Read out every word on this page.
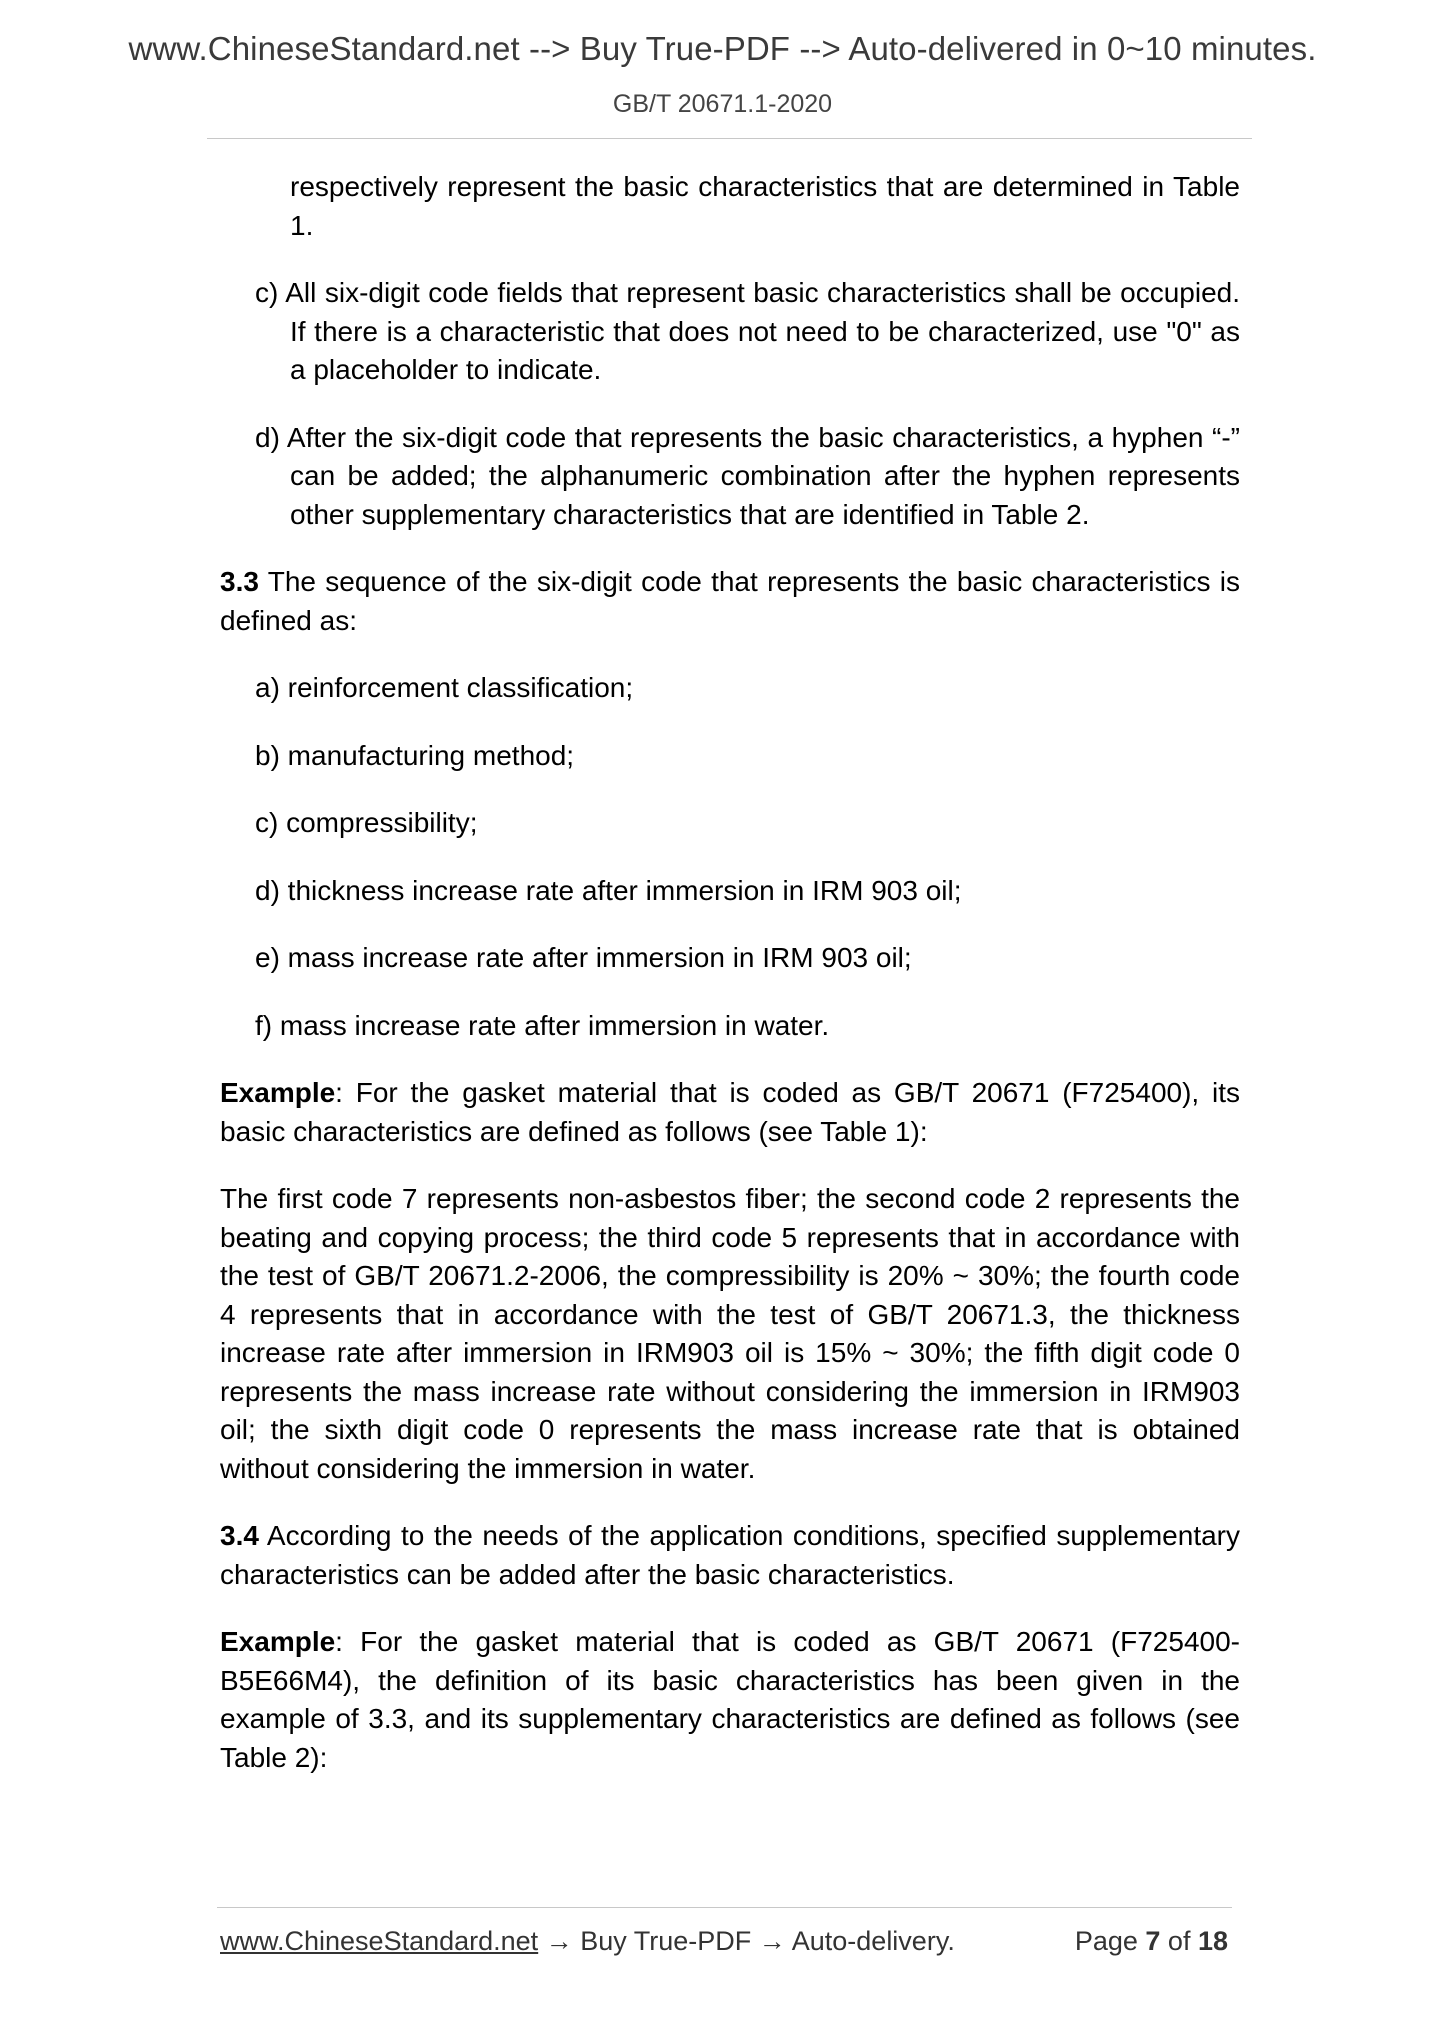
www.ChineseStandard.net --> Buy True-PDF --> Auto-delivered in 0~10 minutes.
GB/T 20671.1-2020

respectively represent the basic characteristics that are determined in Table 1.

c) All six-digit code fields that represent basic characteristics shall be occupied. If there is a characteristic that does not need to be characterized, use "0" as a placeholder to indicate.

d) After the six-digit code that represents the basic characteristics, a hyphen “-” can be added; the alphanumeric combination after the hyphen represents other supplementary characteristics that are identified in Table 2.

3.3 The sequence of the six-digit code that represents the basic characteristics is defined as:

a) reinforcement classification;

b) manufacturing method;

c) compressibility;

d) thickness increase rate after immersion in IRM 903 oil;

e) mass increase rate after immersion in IRM 903 oil;

f) mass increase rate after immersion in water.

Example: For the gasket material that is coded as GB/T 20671 (F725400), its basic characteristics are defined as follows (see Table 1):

The first code 7 represents non-asbestos fiber; the second code 2 represents the beating and copying process; the third code 5 represents that in accordance with the test of GB/T 20671.2-2006, the compressibility is 20% ~ 30%; the fourth code 4 represents that in accordance with the test of GB/T 20671.3, the thickness increase rate after immersion in IRM903 oil is 15% ~ 30%; the fifth digit code 0 represents the mass increase rate without considering the immersion in IRM903 oil; the sixth digit code 0 represents the mass increase rate that is obtained without considering the immersion in water.

3.4 According to the needs of the application conditions, specified supplementary characteristics can be added after the basic characteristics.

Example: For the gasket material that is coded as GB/T 20671 (F725400-B5E66M4), the definition of its basic characteristics has been given in the example of 3.3, and its supplementary characteristics are defined as follows (see Table 2):

www.ChineseStandard.net → Buy True-PDF → Auto-delivery.	Page 7 of 18
